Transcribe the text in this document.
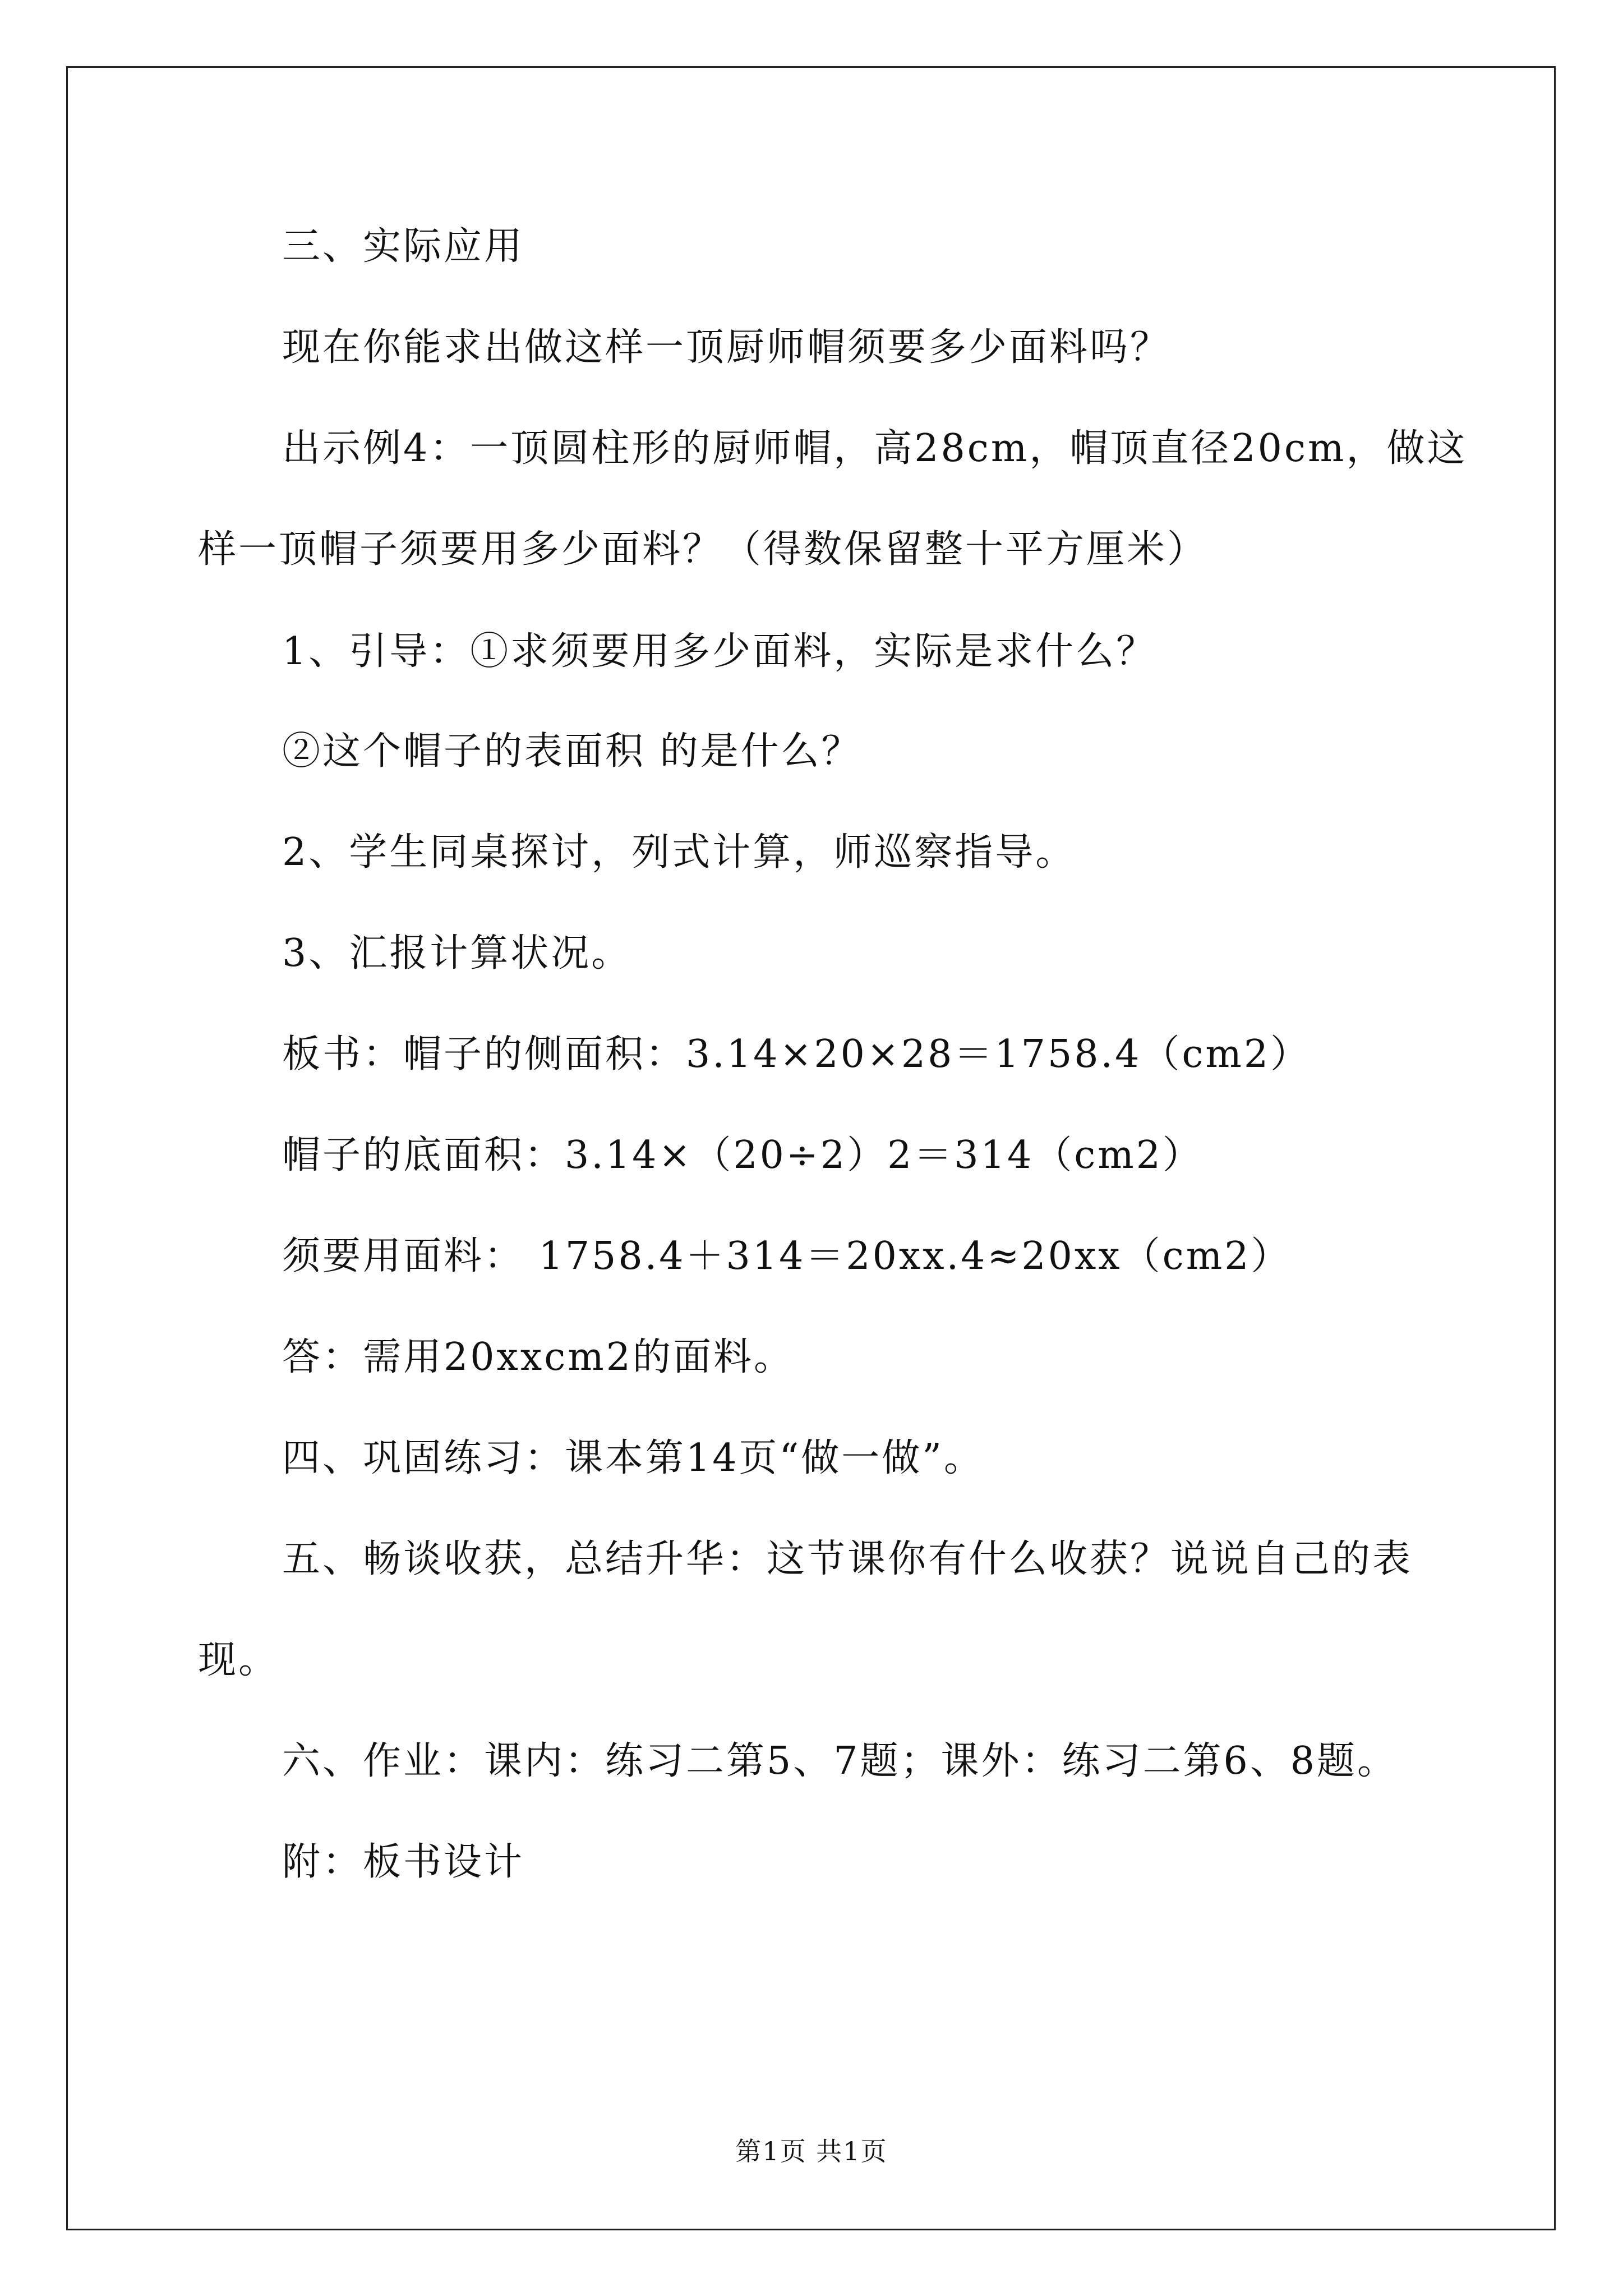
三、实际应用

现在你能求出做这样一顶厨师帽须要多少面料吗？

出示例4：一顶圆柱形的厨师帽，高28cm，帽顶直径20cm，做这

样一顶帽子须要用多少面料？（得数保留整十平方厘米）

1、引导：①求须要用多少面料，实际是求什么？

②这个帽子的表面积 的是什么？

2、学生同桌探讨，列式计算，师巡察指导。

3、汇报计算状况。

板书：帽子的侧面积：3.14×20×28＝1758.4（cm2）

帽子的底面积：3.14×（20÷2）2＝314（cm2）

须要用面料： 1758.4＋314＝20xx.4≈20xx（cm2）

答：需用20xxcm2的面料。

四、巩固练习：课本第14页“做一做”。

五、畅谈收获，总结升华：这节课你有什么收获？说说自己的表

现。

六、作业：课内：练习二第5、7题；课外：练习二第6、8题。

附：板书设计

第1页 共1页
